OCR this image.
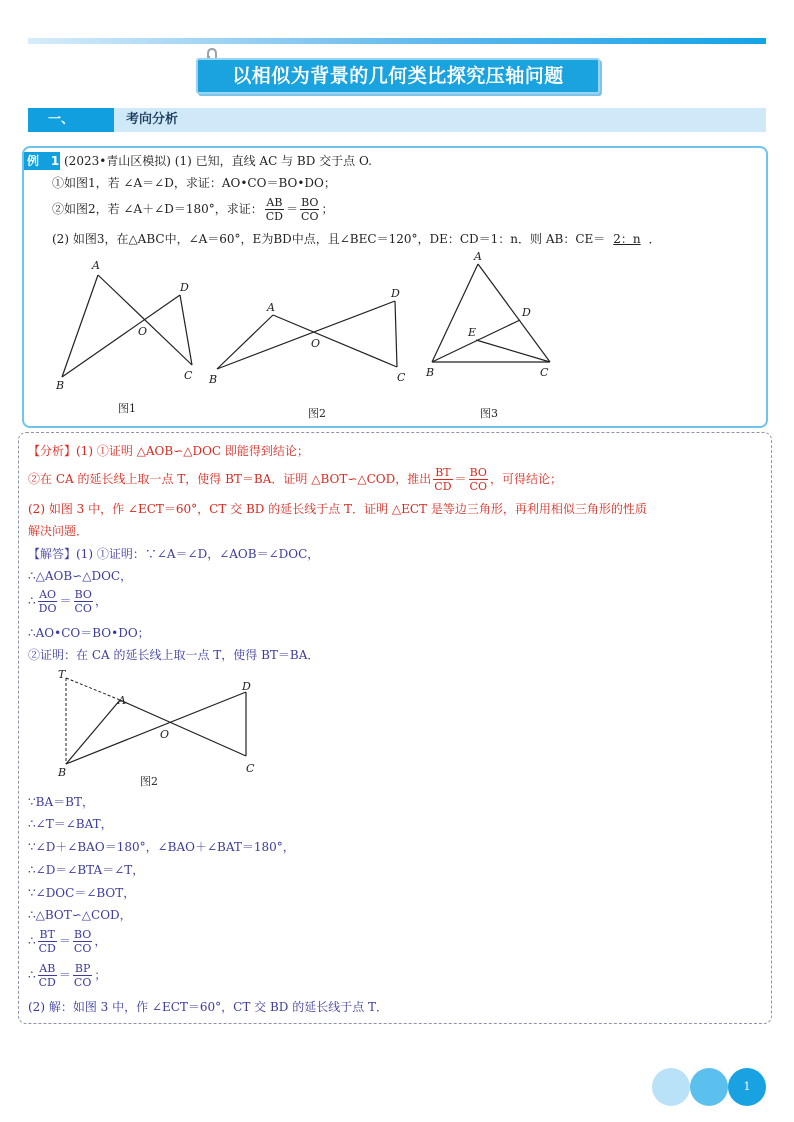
以相似为背景的几何类比探究压轴问题
一、	考向分析
例 1 (2023•青山区模拟) (1) 已知，直线 AC 与 BD 交于点 O.
①如图1，若 ∠A＝∠D，求证：AO•CO＝BO•DO；
②如图2，若 ∠A＋∠D＝180°，求证： $\frac{AB}{CD} = \frac{BO}{CO}$ ；
(2) 如图3，在△ABC中，∠A＝60°，E为BD中点，且∠BEC＝120°，DE：CD＝1：n．则 AB：CE＝ 2：n ．
A
D
O
B
C
图1
A
D
O
B	C
图2
A
D
E
B	C
图3
【分析】(1) ①证明 △AOB∽△DOC 即能得到结论；
②在 CA 的延长线上取一点 T，使得 BT＝BA．证明 △BOT∽△COD，推出 $\frac{BT}{CD} = \frac{BO}{CO}$ ，可得结论；
(2) 如图 3 中，作 ∠ECT＝60°，CT 交 BD 的延长线于点 T．证明 △ECT 是等边三角形，再利用相似三角形的性质
解决问题．
【解答】(1) ①证明：∵∠A＝∠D，∠AOB＝∠DOC，
∴△AOB∽△DOC，
∴ $\frac{AO}{DO} = \frac{BO}{CO}$ ，
∴AO•CO＝BO•DO；
②证明：在 CA 的延长线上取一点 T，使得 BT＝BA．
T
A
D
O
B	C
图2
∵BA＝BT，
∴∠T＝∠BAT，
∵∠D＋∠BAO＝180°，∠BAO＋∠BAT＝180°，
∴∠D＝∠BTA＝∠T，
∵∠DOC＝∠BOT，
∴△BOT∽△COD，
∴ $\frac{BT}{CD} = \frac{BO}{CO}$ ，
∴ $\frac{AB}{CD} = \frac{BP}{CO}$ ；
(2) 解：如图 3 中，作 ∠ECT＝60°，CT 交 BD 的延长线于点 T．
1
